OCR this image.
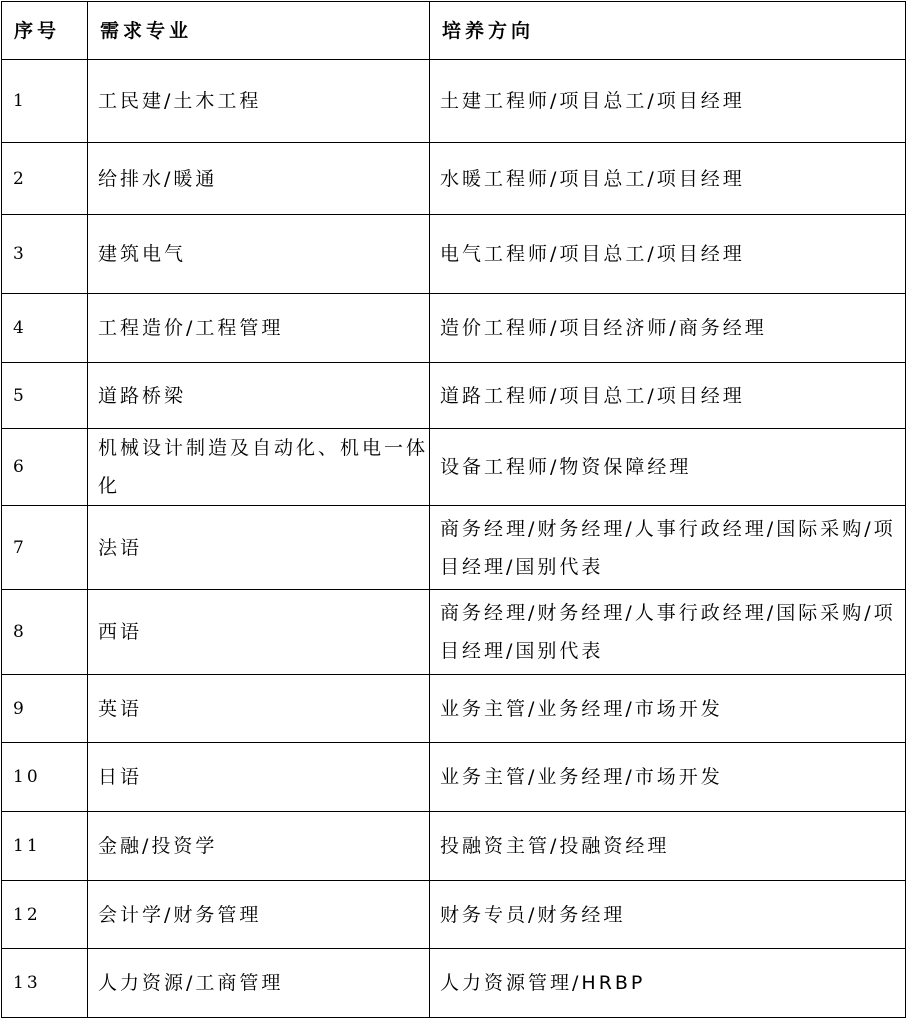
序号	需求专业	培养方向
1	工民建/土木工程	土建工程师/项目总工/项目经理
2	给排水/暖通	水暖工程师/项目总工/项目经理
3	建筑电气	电气工程师/项目总工/项目经理
4	工程造价/工程管理	造价工程师/项目经济师/商务经理
5	道路桥梁	道路工程师/项目总工/项目经理
6	机械设计制造及自动化、机电一体化	设备工程师/物资保障经理
7	法语	商务经理/财务经理/人事行政经理/国际采购/项目经理/国别代表
8	西语	商务经理/财务经理/人事行政经理/国际采购/项目经理/国别代表
9	英语	业务主管/业务经理/市场开发
10	日语	业务主管/业务经理/市场开发
11	金融/投资学	投融资主管/投融资经理
12	会计学/财务管理	财务专员/财务经理
13	人力资源/工商管理	人力资源管理/HRBP
